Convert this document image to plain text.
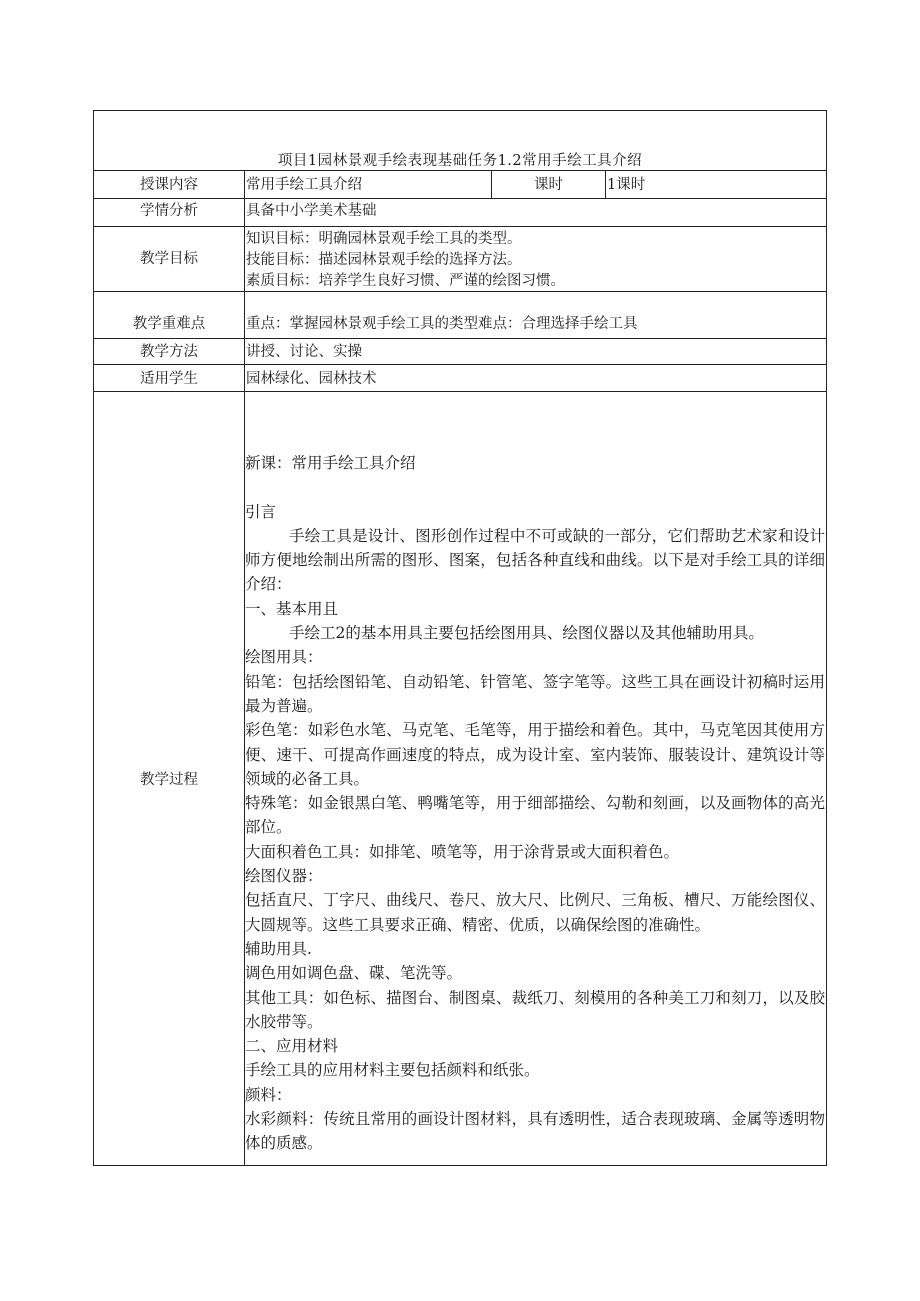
项目1园林景观手绘表现基础任务1.2常用手绘工具介绍
授课内容	常用手绘工具介绍	课时	1课时
学情分析	具备中小学美术基础
教学目标
知识目标：明确园林景观手绘工具的类型。
技能目标：描述园林景观手绘的选择方法。
素质目标：培养学生良好习惯、严谨的绘图习惯。
教学重难点	重点：掌握园林景观手绘工具的类型难点：合理选择手绘工具
教学方法	讲授、讨论、实操
适用学生	园林绿化、园林技术
教学过程

新课：常用手绘工具介绍

引言

手绘工具是设计、图形创作过程中不可或缺的一部分，它们帮助艺术家和设计师方便地绘制出所需的图形、图案，包括各种直线和曲线。以下是对手绘工具的详细介绍：

一、基本用且

手绘工2的基本用具主要包括绘图用具、绘图仪器以及其他辅助用具。

绘图用具：

铅笔：包括绘图铅笔、自动铅笔、针管笔、签字笔等。这些工具在画设计初稿时运用最为普遍。

彩色笔：如彩色水笔、马克笔、毛笔等，用于描绘和着色。其中，马克笔因其使用方便、速干、可提高作画速度的特点，成为设计室、室内装饰、服装设计、建筑设计等领域的必备工具。

特殊笔：如金银黑白笔、鸭嘴笔等，用于细部描绘、勾勒和刻画，以及画物体的高光部位。

大面积着色工具：如排笔、喷笔等，用于涂背景或大面积着色。

绘图仪器：

包括直尺、丁字尺、曲线尺、卷尺、放大尺、比例尺、三角板、槽尺、万能绘图仪、大圆规等。这些工具要求正确、精密、优质，以确保绘图的准确性。

辅助用具.

调色用如调色盘、碟、笔洗等。

其他工具：如色标、描图台、制图桌、裁纸刀、刻模用的各种美工刀和刻刀，以及胶水胶带等。

二、应用材料

手绘工具的应用材料主要包括颜料和纸张。

颜料：

水彩颜料：传统且常用的画设计图材料，具有透明性，适合表现玻璃、金属等透明物体的质感。
